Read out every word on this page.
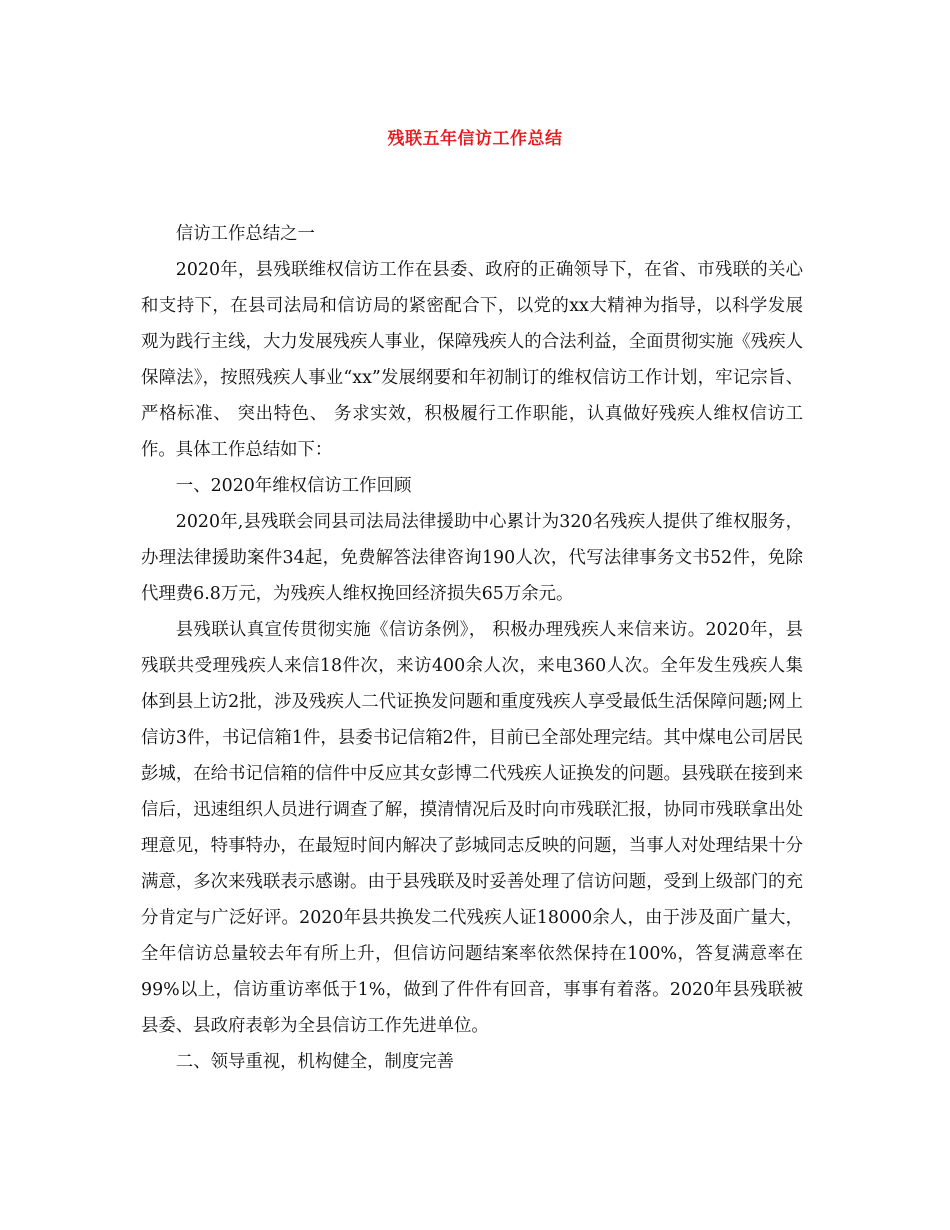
残联五年信访工作总结

信访工作总结之一

2020年，县残联维权信访工作在县委、政府的正确领导下，在省、市残联的关心和支持下，在县司法局和信访局的紧密配合下，以党的xx大精神为指导，以科学发展观为践行主线，大力发展残疾人事业，保障残疾人的合法利益，全面贯彻实施《残疾人保障法》，按照残疾人事业“xx”发展纲要和年初制订的维权信访工作计划，牢记宗旨、 严格标准、 突出特色、 务求实效，积极履行工作职能，认真做好残疾人维权信访工作。具体工作总结如下：

一、2020年维权信访工作回顾

2020年,县残联会同县司法局法律援助中心累计为320名残疾人提供了维权服务，办理法律援助案件34起，免费解答法律咨询190人次，代写法律事务文书52件，免除代理费6.8万元，为残疾人维权挽回经济损失65万余元。

县残联认真宣传贯彻实施《信访条例》， 积极办理残疾人来信来访。2020年，县残联共受理残疾人来信18件次，来访400余人次，来电360人次。全年发生残疾人集体到县上访2批，涉及残疾人二代证换发问题和重度残疾人享受最低生活保障问题;网上信访3件，书记信箱1件，县委书记信箱2件，目前已全部处理完结。其中煤电公司居民彭城，在给书记信箱的信件中反应其女彭博二代残疾人证换发的问题。县残联在接到来信后，迅速组织人员进行调查了解，摸清情况后及时向市残联汇报，协同市残联拿出处理意见，特事特办，在最短时间内解决了彭城同志反映的问题，当事人对处理结果十分满意，多次来残联表示感谢。由于县残联及时妥善处理了信访问题，受到上级部门的充分肯定与广泛好评。2020年县共换发二代残疾人证18000余人，由于涉及面广量大，全年信访总量较去年有所上升，但信访问题结案率依然保持在100%，答复满意率在99%以上，信访重访率低于1%，做到了件件有回音，事事有着落。2020年县残联被县委、县政府表彰为全县信访工作先进单位。

二、领导重视，机构健全，制度完善
